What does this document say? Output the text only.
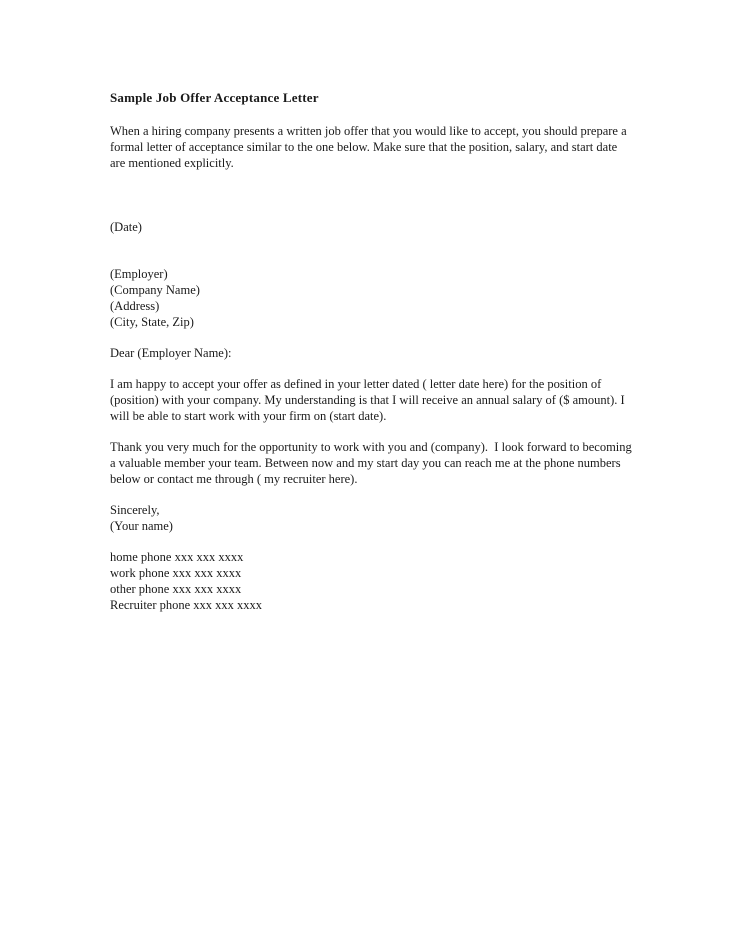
Sample Job Offer Acceptance Letter

When a hiring company presents a written job offer that you would like to accept, you should prepare a formal letter of acceptance similar to the one below. Make sure that the position, salary, and start date are mentioned explicitly.

(Date)

(Employer)
(Company Name)
(Address)
(City, State, Zip)

Dear (Employer Name):

I am happy to accept your offer as defined in your letter dated ( letter date here) for the position of (position) with your company. My understanding is that I will receive an annual salary of ($ amount). I will be able to start work with your firm on (start date).

Thank you very much for the opportunity to work with you and (company).  I look forward to becoming a valuable member your team. Between now and my start day you can reach me at the phone numbers below or contact me through ( my recruiter here).

Sincerely,
(Your name)
home phone xxx xxx xxxx
work phone xxx xxx xxxx
other phone xxx xxx xxxx
Recruiter phone xxx xxx xxxx
